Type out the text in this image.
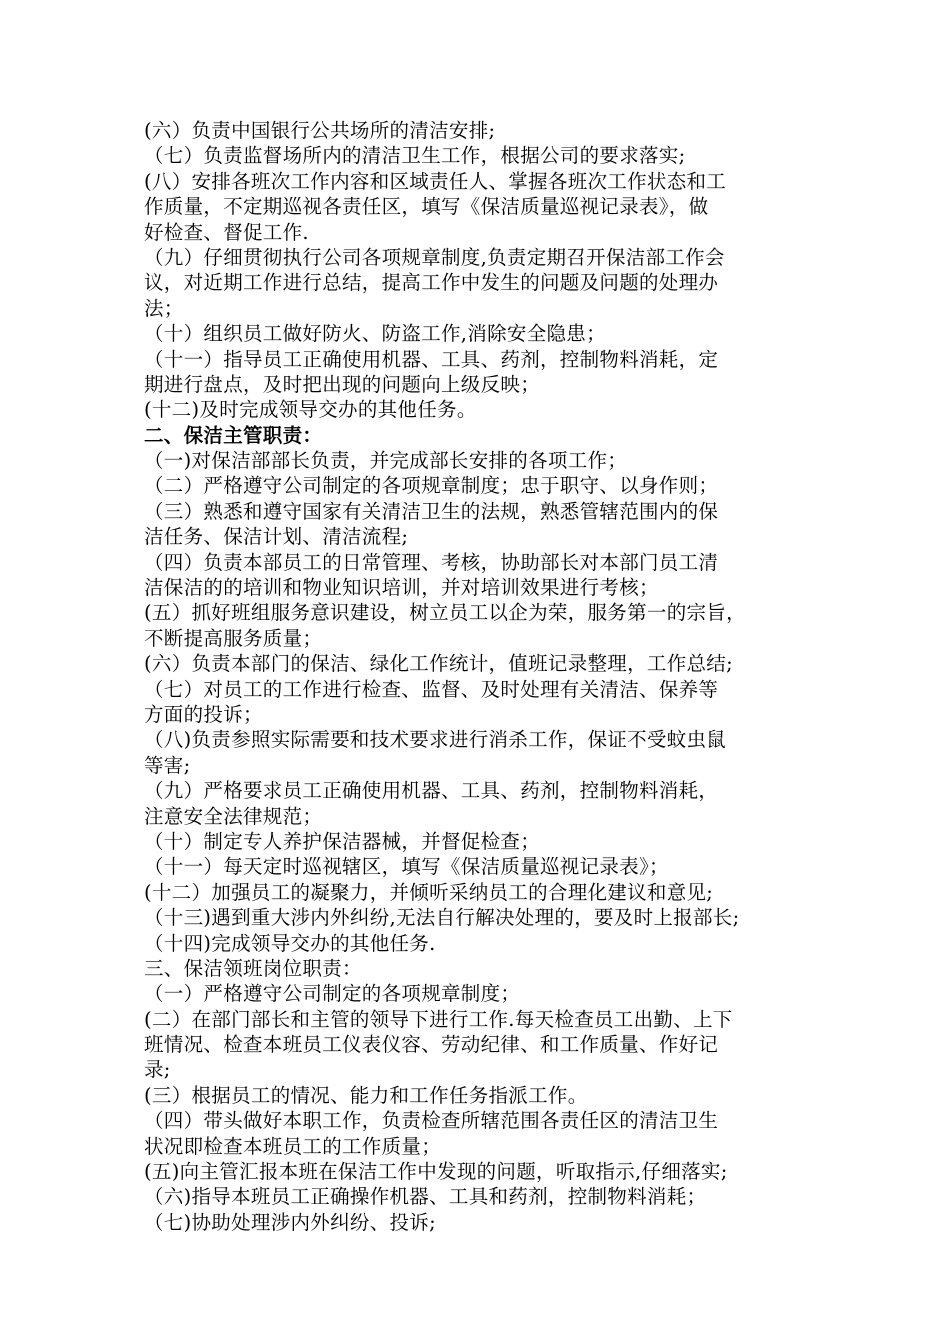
(六）负责中国银行公共场所的清洁安排;
（七）负责监督场所内的清洁卫生工作，根据公司的要求落实;
(八）安排各班次工作内容和区域责任人、掌握各班次工作状态和工
作质量，不定期巡视各责任区，填写《保洁质量巡视记录表》，做
好检查、督促工作.
（九）仔细贯彻执行公司各项规章制度,负责定期召开保洁部工作会
议，对近期工作进行总结，提高工作中发生的问题及问题的处理办
法；
（十）组织员工做好防火、防盗工作,消除安全隐患；
（十一）指导员工正确使用机器、工具、药剂，控制物料消耗，定
期进行盘点，及时把出现的问题向上级反映；
(十二)及时完成领导交办的其他任务。
二、保洁主管职责：
（一)对保洁部部长负责，并完成部长安排的各项工作；
（二）严格遵守公司制定的各项规章制度；忠于职守、以身作则；
（三）熟悉和遵守国家有关清洁卫生的法规，熟悉管辖范围内的保
洁任务、保洁计划、清洁流程;
（四）负责本部员工的日常管理、考核，协助部长对本部门员工清
洁保洁的的培训和物业知识培训，并对培训效果进行考核；
(五）抓好班组服务意识建设，树立员工以企为荣，服务第一的宗旨，
不断提高服务质量；
(六）负责本部门的保洁、绿化工作统计，值班记录整理，工作总结;
（七）对员工的工作进行检查、监督、及时处理有关清洁、保养等
方面的投诉；
（八)负责参照实际需要和技术要求进行消杀工作，保证不受蚊虫鼠
等害;
（九）严格要求员工正确使用机器、工具、药剂，控制物料消耗，
注意安全法律规范；
（十）制定专人养护保洁器械，并督促检查；
（十一）每天定时巡视辖区，填写《保洁质量巡视记录表》；
(十二）加强员工的凝聚力，并倾听采纳员工的合理化建议和意见;
（十三)遇到重大涉内外纠纷,无法自行解决处理的，要及时上报部长;
（十四)完成领导交办的其他任务.
三、保洁领班岗位职责：
（一）严格遵守公司制定的各项规章制度；
(二）在部门部长和主管的领导下进行工作.每天检查员工出勤、上下
班情况、检查本班员工仪表仪容、劳动纪律、和工作质量、作好记
录;
(三）根据员工的情况、能力和工作任务指派工作。
（四）带头做好本职工作，负责检查所辖范围各责任区的清洁卫生
状况即检查本班员工的工作质量；
(五)向主管汇报本班在保洁工作中发现的问题，听取指示,仔细落实;
（六)指导本班员工正确操作机器、工具和药剂，控制物料消耗；
（七)协助处理涉内外纠纷、投诉;
